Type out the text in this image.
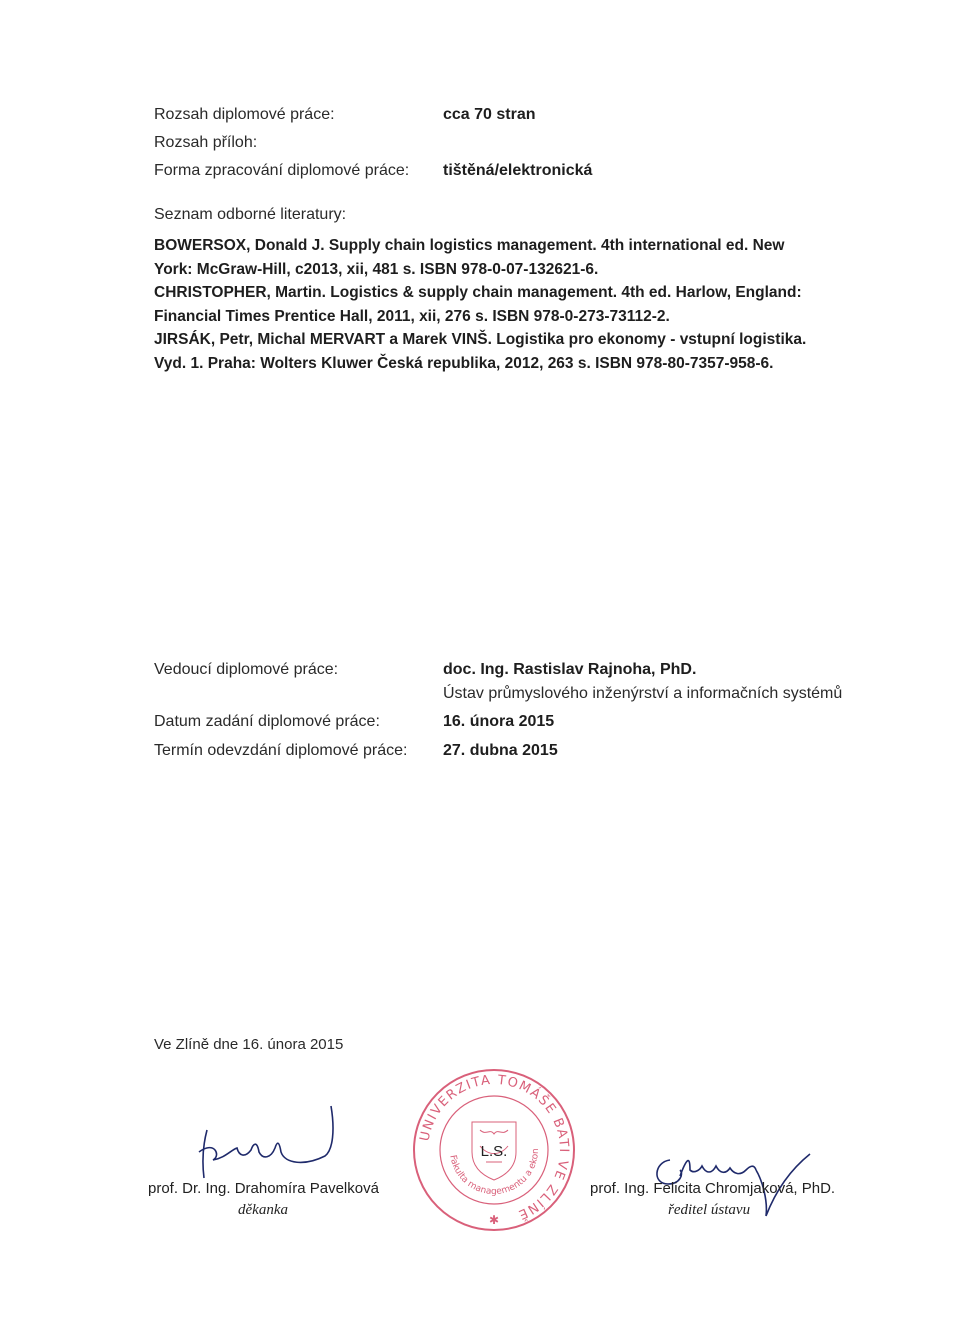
Rozsah diplomové práce:	cca 70 stran
Rozsah příloh:
Forma zpracování diplomové práce: tištěná/elektronická
Seznam odborné literatury:
BOWERSOX, Donald J. Supply chain logistics management. 4th international ed. New
York: McGraw-Hill, c2013, xii, 481 s. ISBN 978-0-07-132621-6.
CHRISTOPHER, Martin. Logistics & supply chain management. 4th ed. Harlow, England:
Financial Times Prentice Hall, 2011, xii, 276 s. ISBN 978-0-273-73112-2.
JIRSÁK, Petr, Michal MERVART a Marek VINŠ. Logistika pro ekonomy - vstupní logistika.
Vyd. 1. Praha: Wolters Kluwer Česká republika, 2012, 263 s. ISBN 978-80-7357-958-6.
Vedoucí diplomové práce:	doc. Ing. Rastislav Rajnoha, PhD.
Ústav průmyslového inženýrství a informačních systémů
Datum zadání diplomové práce:	16. února 2015
Termín odevzdání diplomové práce: 27. dubna 2015
Ve Zlíně dne 16. února 2015
prof. Dr. Ing. Drahomíra Pavelková
děkanka
prof. Ing. Felicita Chromjaková, PhD.
ředitel ústavu
UNIVERZITA TOMÁŠE BATI VE ZLÍNĚ
Fakulta managementu a ekonomiky
L.S.
✱
